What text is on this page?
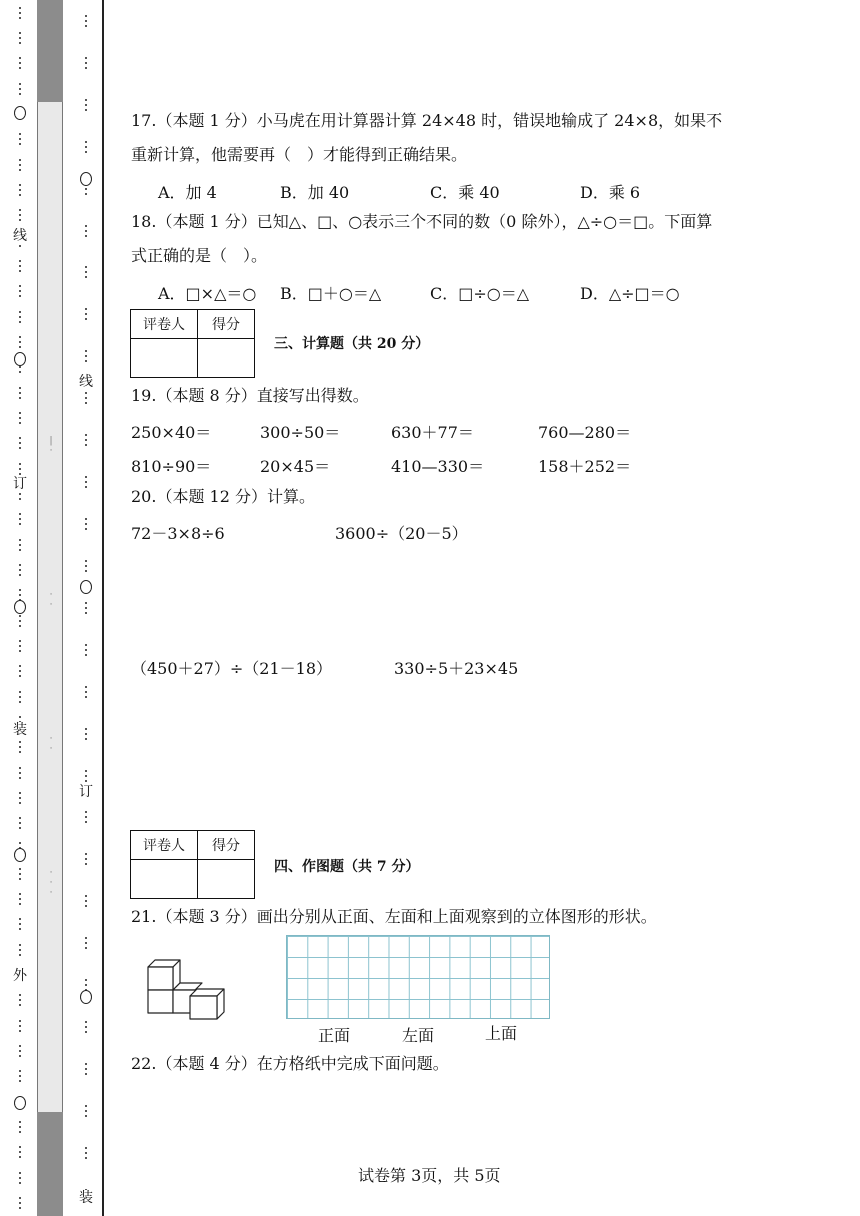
线
订
装
外
|
·
·
·
·
·
·
·
·
线
订
装
17.（本题 1 分）小马虎在用计算器计算 24×48 时，错误地输成了 24×8，如果不
重新计算，他需要再（　）才能得到正确结果。
A．加 4	B．加 40	C．乘 40	D．乘 6
18.（本题 1 分）已知△、□、○表示三个不同的数（0 除外），△÷○＝□。下面算
式正确的是（　）。
A．□×△＝○ B．□＋○＝△	C．□÷○＝△	D．△÷□＝○
评卷人	得分

三、计算题（共 20 分）
19.（本题 8 分）直接写出得数。
250×40＝	300÷50＝	630＋77＝	760—280＝
810÷90＝	20×45＝	410—330＝	158＋252＝
20.（本题 12 分）计算。
72－3×8÷6	3600÷（20－5）
（450＋27）÷（21－18）	330÷5＋23×45
评卷人	得分

四、作图题（共 7 分）
21.（本题 3 分）画出分别从正面、左面和上面观察到的立体图形的形状。
正面	左面	上面
22.（本题 4 分）在方格纸中完成下面问题。
试卷第 3页，共 5页
